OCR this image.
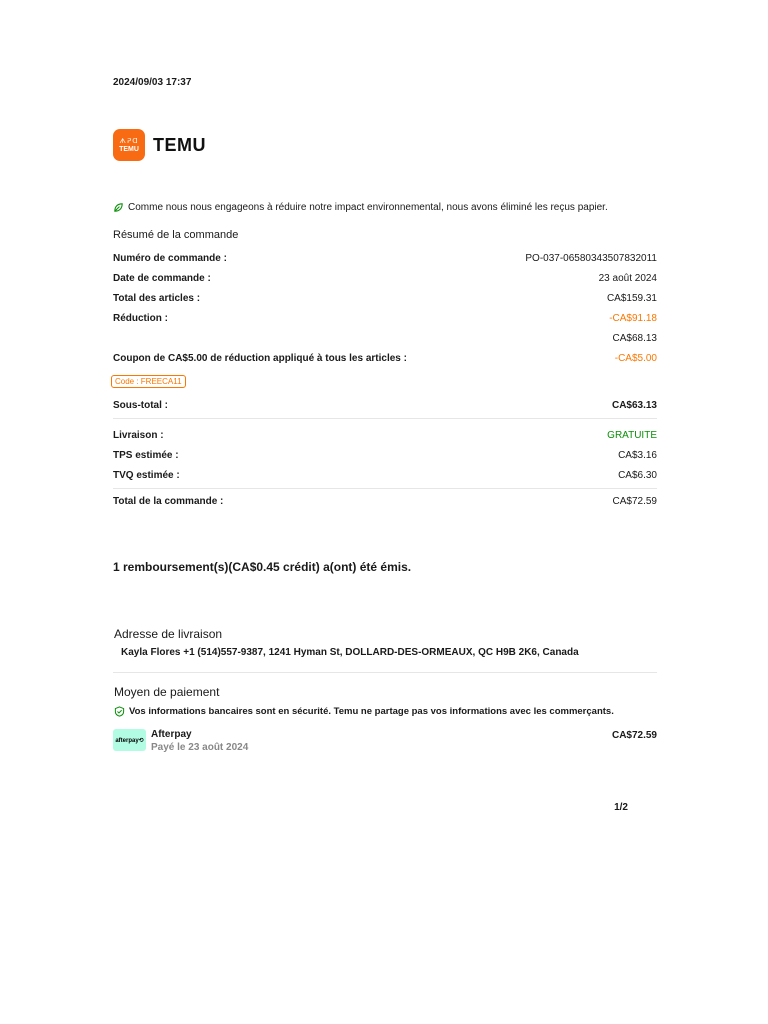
2024/09/03 17:37
ᗑᕈᗡ
TEMU TEMU
Comme nous nous engageons à réduire notre impact environnemental, nous avons éliminé les reçus papier.
Résumé de la commande
Numéro de commande :	PO-037-06580343507832011
Date de commande :	23 août 2024
Total des articles :	CA$159.31
Réduction :	-CA$91.18
CA$68.13
Coupon de CA$5.00 de réduction appliqué à tous les articles :	-CA$5.00
Code : FREECA11
Sous-total :	CA$63.13
Livraison :	GRATUITE
TPS estimée :	CA$3.16
TVQ estimée :	CA$6.30
Total de la commande :	CA$72.59
1 remboursement(s)(CA$0.45 crédit) a(ont) été émis.
Adresse de livraison
Kayla Flores +1 (514)557-9387, 1241 Hyman St, DOLLARD-DES-ORMEAUX, QC H9B 2K6, Canada
Moyen de paiement
Vos informations bancaires sont en sécurité. Temu ne partage pas vos informations avec les commerçants.
afterpay⟲
Afterpay
Payé le 23 août 2024
CA$72.59
1/2
